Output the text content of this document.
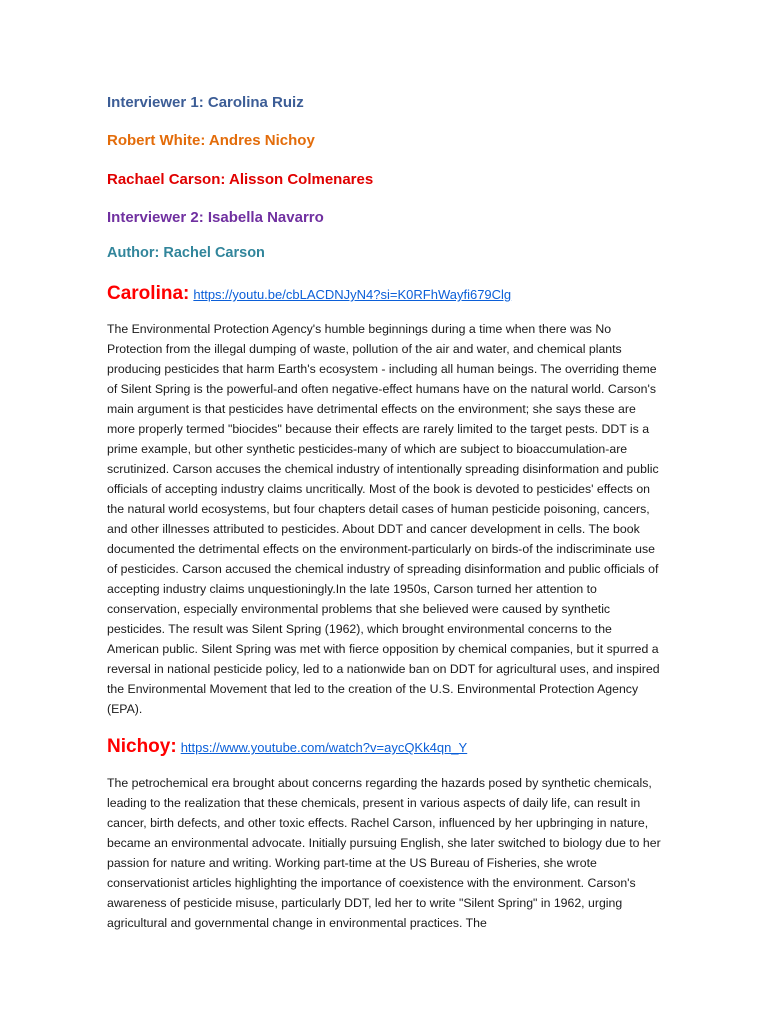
Interviewer 1: Carolina Ruiz

Robert White: Andres Nichoy

Rachael Carson: Alisson Colmenares

Interviewer 2: Isabella Navarro

Author: Rachel Carson

Carolina: https://youtu.be/cbLACDNJyN4?si=K0RFhWayfi679Clg

The Environmental Protection Agency's humble beginnings during a time when there was No Protection from the illegal dumping of waste, pollution of the air and water, and chemical plants producing pesticides that harm Earth's ecosystem - including all human beings. The overriding theme of Silent Spring is the powerful-and often negative-effect humans have on the natural world. Carson's main argument is that pesticides have detrimental effects on the environment; she says these are more properly termed "biocides" because their effects are rarely limited to the target pests. DDT is a prime example, but other synthetic pesticides-many of which are subject to bioaccumulation-are scrutinized. Carson accuses the chemical industry of intentionally spreading disinformation and public officials of accepting industry claims uncritically. Most of the book is devoted to pesticides' effects on the natural world ecosystems, but four chapters detail cases of human pesticide poisoning, cancers, and other illnesses attributed to pesticides. About DDT and cancer development in cells. The book documented the detrimental effects on the environment-particularly on birds-of the indiscriminate use of pesticides. Carson accused the chemical industry of spreading disinformation and public officials of accepting industry claims unquestioningly.In the late 1950s, Carson turned her attention to conservation, especially environmental problems that she believed were caused by synthetic pesticides. The result was Silent Spring (1962), which brought environmental concerns to the American public. Silent Spring was met with fierce opposition by chemical companies, but it spurred a reversal in national pesticide policy, led to a nationwide ban on DDT for agricultural uses, and inspired the Environmental Movement that led to the creation of the U.S. Environmental Protection Agency (EPA).

Nichoy: https://www.youtube.com/watch?v=aycQKk4qn_Y

The petrochemical era brought about concerns regarding the hazards posed by synthetic chemicals, leading to the realization that these chemicals, present in various aspects of daily life, can result in cancer, birth defects, and other toxic effects. Rachel Carson, influenced by her upbringing in nature, became an environmental advocate. Initially pursuing English, she later switched to biology due to her passion for nature and writing. Working part-time at the US Bureau of Fisheries, she wrote conservationist articles highlighting the importance of coexistence with the environment. Carson's awareness of pesticide misuse, particularly DDT, led her to write "Silent Spring" in 1962, urging agricultural and governmental change in environmental practices. The
